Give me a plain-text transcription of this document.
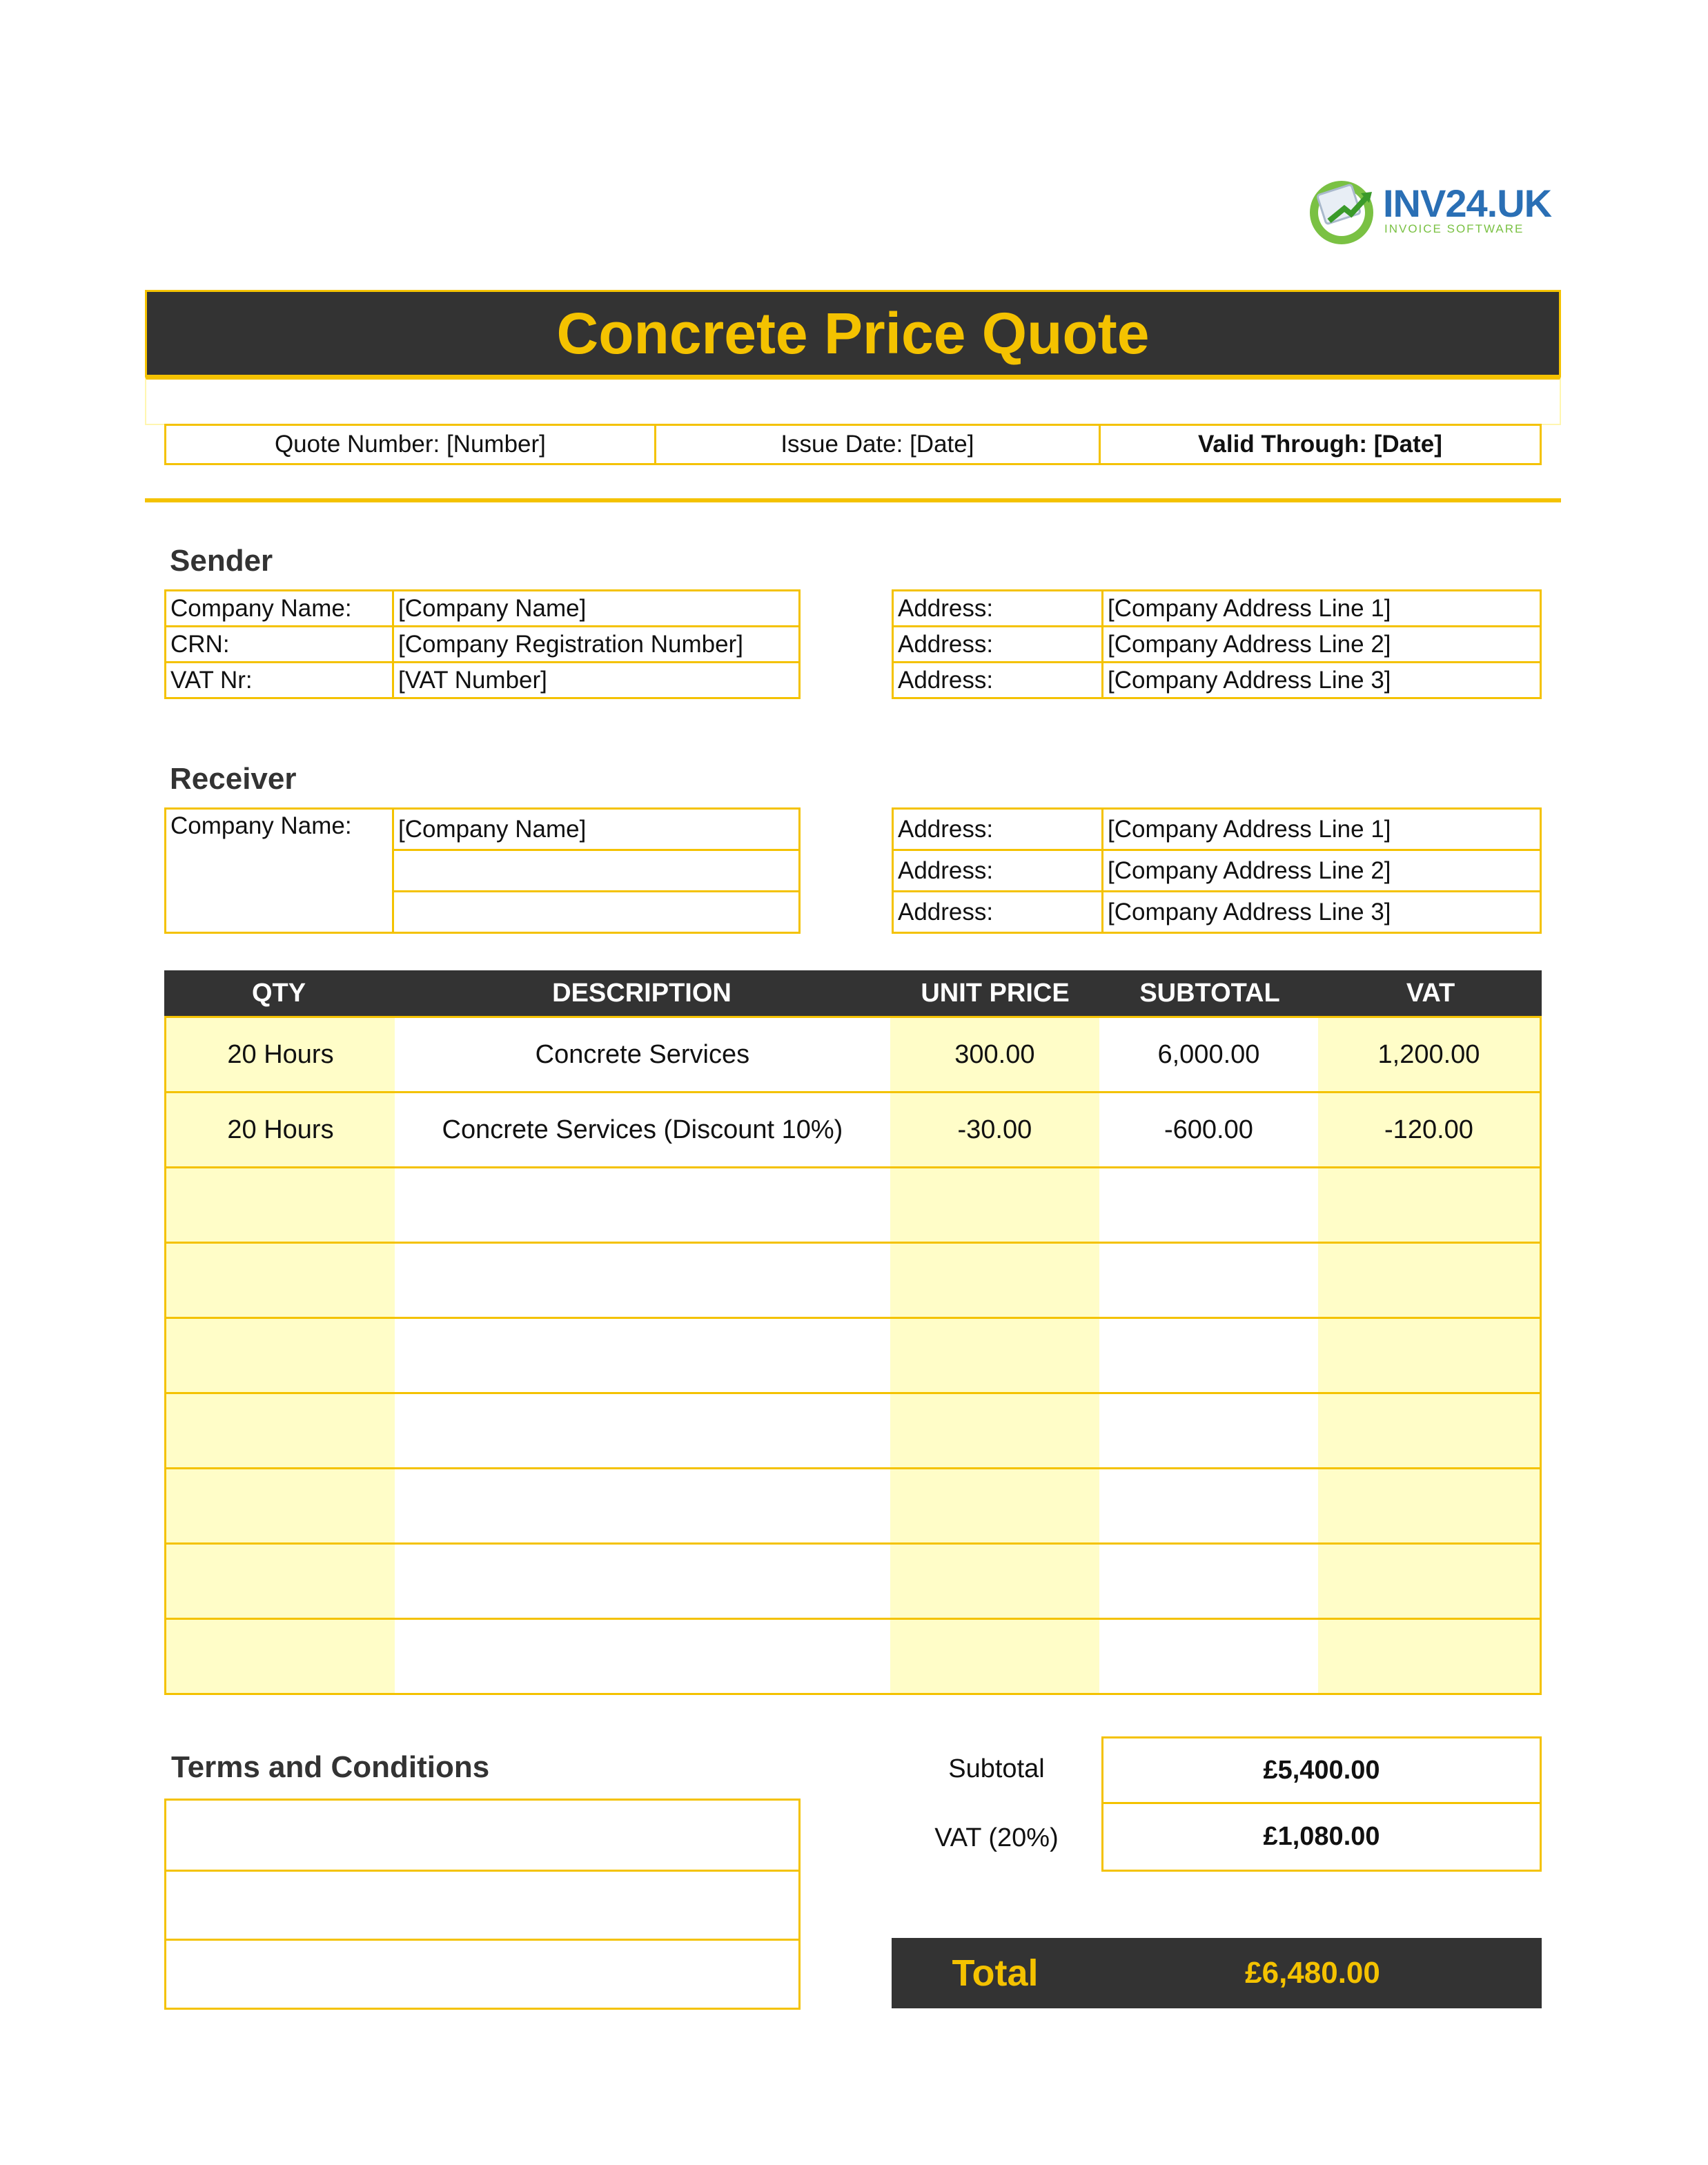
INV24.UK
INVOICE SOFTWARE
Concrete Price Quote
Quote Number: [Number]	Issue Date: [Date]	Valid Through: [Date]
Sender
Company Name:	[Company Name]
CRN:	[Company Registration Number]
VAT Nr:	[VAT Number]
Address:	[Company Address Line 1]
Address:	[Company Address Line 2]
Address:	[Company Address Line 3]
Receiver
Company Name:	[Company Name]	Address:	[Company Address Line 1]
Address:	[Company Address Line 2]
Address:	[Company Address Line 3]
QTY	DESCRIPTION	UNIT PRICE	SUBTOTAL	VAT
20 Hours	Concrete Services	300.00	6,000.00	1,200.00
20 Hours	Concrete Services (Discount 10%)	-30.00	-600.00	-120.00
Terms and Conditions	Subtotal	£5,400.00
VAT (20%)	£1,080.00
Total	£6,480.00
